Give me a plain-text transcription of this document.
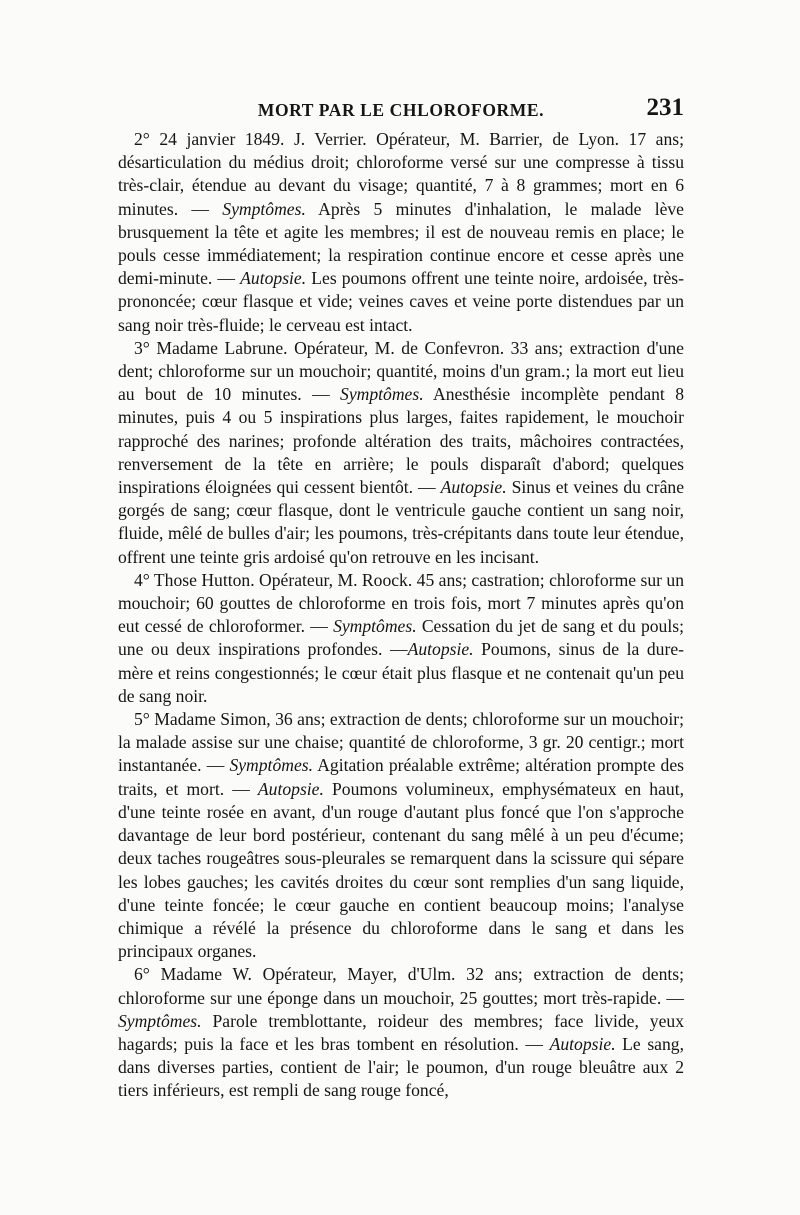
MORT PAR LE CHLOROFORME.	231

2° 24 janvier 1849. J. Verrier. Opérateur, M. Barrier, de Lyon. 17 ans; désarticulation du médius droit; chloroforme versé sur une compresse à tissu très-clair, étendue au devant du visage; quantité, 7 à 8 grammes; mort en 6 minutes. — Symptômes. Après 5 minutes d'inhalation, le malade lève brusquement la tête et agite les membres; il est de nouveau remis en place; le pouls cesse immédiatement; la respiration continue encore et cesse après une demi-minute. — Autopsie. Les poumons offrent une teinte noire, ardoisée, très-prononcée; cœur flasque et vide; veines caves et veine porte distendues par un sang noir très-fluide; le cerveau est intact.

3° Madame Labrune. Opérateur, M. de Confevron. 33 ans; extraction d'une dent; chloroforme sur un mouchoir; quantité, moins d'un gram.; la mort eut lieu au bout de 10 minutes. — Symptômes. Anesthésie incomplète pendant 8 minutes, puis 4 ou 5 inspirations plus larges, faites rapidement, le mouchoir rapproché des narines; profonde altération des traits, mâchoires contractées, renversement de la tête en arrière; le pouls disparaît d'abord; quelques inspirations éloignées qui cessent bientôt. — Autopsie. Sinus et veines du crâne gorgés de sang; cœur flasque, dont le ventricule gauche contient un sang noir, fluide, mêlé de bulles d'air; les poumons, très-crépitants dans toute leur étendue, offrent une teinte gris ardoisé qu'on retrouve en les incisant.

4° Those Hutton. Opérateur, M. Roock. 45 ans; castration; chloroforme sur un mouchoir; 60 gouttes de chloroforme en trois fois, mort 7 minutes après qu'on eut cessé de chloroformer. — Symptômes. Cessation du jet de sang et du pouls; une ou deux inspirations profondes. —Autopsie. Poumons, sinus de la dure-mère et reins congestionnés; le cœur était plus flasque et ne contenait qu'un peu de sang noir.

5° Madame Simon, 36 ans; extraction de dents; chloroforme sur un mouchoir; la malade assise sur une chaise; quantité de chloroforme, 3 gr. 20 centigr.; mort instantanée. — Symptômes. Agitation préalable extrême; altération prompte des traits, et mort. — Autopsie. Poumons volumineux, emphysémateux en haut, d'une teinte rosée en avant, d'un rouge d'autant plus foncé que l'on s'approche davantage de leur bord postérieur, contenant du sang mêlé à un peu d'écume; deux taches rougeâtres sous-pleurales se remarquent dans la scissure qui sépare les lobes gauches; les cavités droites du cœur sont remplies d'un sang liquide, d'une teinte foncée; le cœur gauche en contient beaucoup moins; l'analyse chimique a révélé la présence du chloroforme dans le sang et dans les principaux organes.

6° Madame W. Opérateur, Mayer, d'Ulm. 32 ans; extraction de dents; chloroforme sur une éponge dans un mouchoir, 25 gouttes; mort très-rapide. — Symptômes. Parole tremblottante, roideur des membres; face livide, yeux hagards; puis la face et les bras tombent en résolution. — Autopsie. Le sang, dans diverses parties, contient de l'air; le poumon, d'un rouge bleuâtre aux 2 tiers inférieurs, est rempli de sang rouge foncé,
